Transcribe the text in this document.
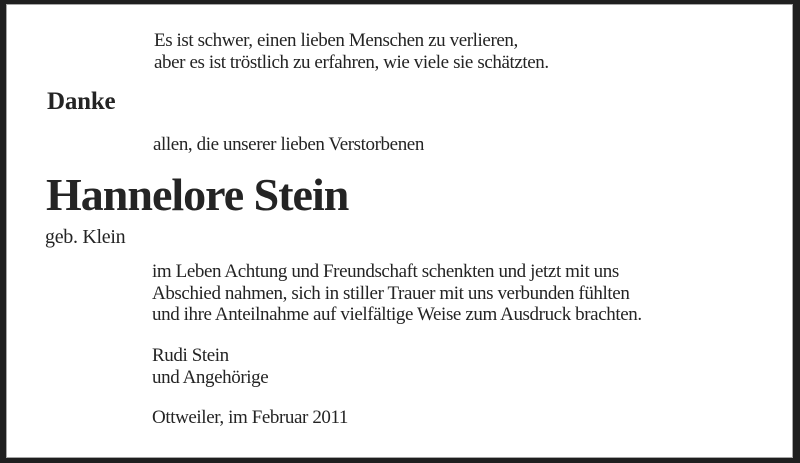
Es ist schwer, einen lieben Menschen zu verlieren,
aber es ist tröstlich zu erfahren, wie viele sie schätzten.

Danke

allen, die unserer lieben Verstorbenen

Hannelore Stein

geb. Klein

im Leben Achtung und Freundschaft schenkten und jetzt mit uns
Abschied nahmen, sich in stiller Trauer mit uns verbunden fühlten
und ihre Anteilnahme auf vielfältige Weise zum Ausdruck brachten.

Rudi Stein
und Angehörige

Ottweiler, im Februar 2011
